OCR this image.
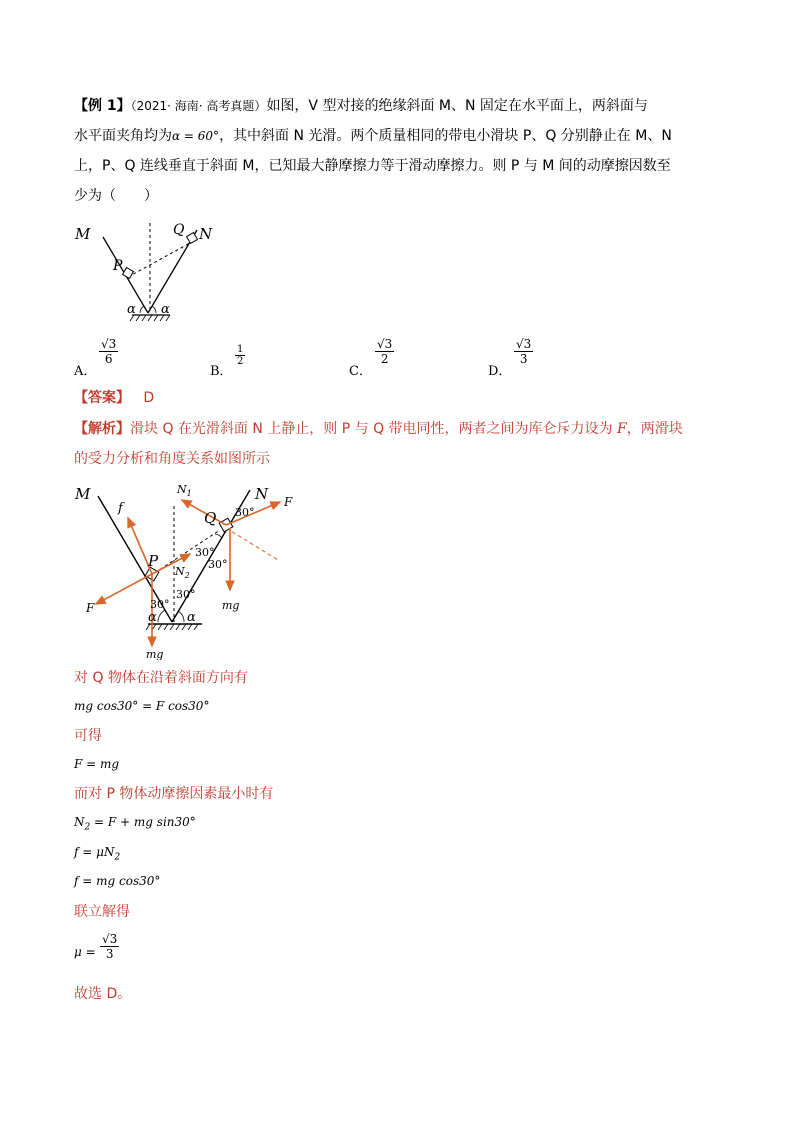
【例 1】（2021· 海南· 高考真题）如图，V 型对接的绝缘斜面 M、N 固定在水平面上，两斜面与
水平面夹角均为α = 60°，其中斜面 N 光滑。两个质量相同的带电小滑块 P、Q 分别静止在 M、N
上，P、Q 连线垂直于斜面 M，已知最大静摩擦力等于滑动摩擦力。则 P 与 M 间的动摩擦因数至
少为（　　）
M	N
P
Q
α α
A．
$\frac{√3}{6}$
B．
$\frac{1}{2}$
C．
$\frac{√3}{2}$
D．
$\frac{√3}{3}$
【答案】 D
【解析】滑块 Q 在光滑斜面 N 上静止，则 P 与 Q 带电同性，两者之间为库仑斥力设为 F，两滑块
的受力分析和角度关系如图所示
M	N
$N_1$
$N_2$
f
P
Q
F
F
mg
mg
30°
30°
30°
30°
30°
α α
对 Q 物体在沿着斜面方向有
mg cos30° = F cos30°
可得
F = mg
而对 P 物体动摩擦因素最小时有
$N_2 = F$ + mg sin30°
$f = \mu N_2$
f = mg cos30°
联立解得
$\mu = \frac{√3}{3}$
故选 D。
